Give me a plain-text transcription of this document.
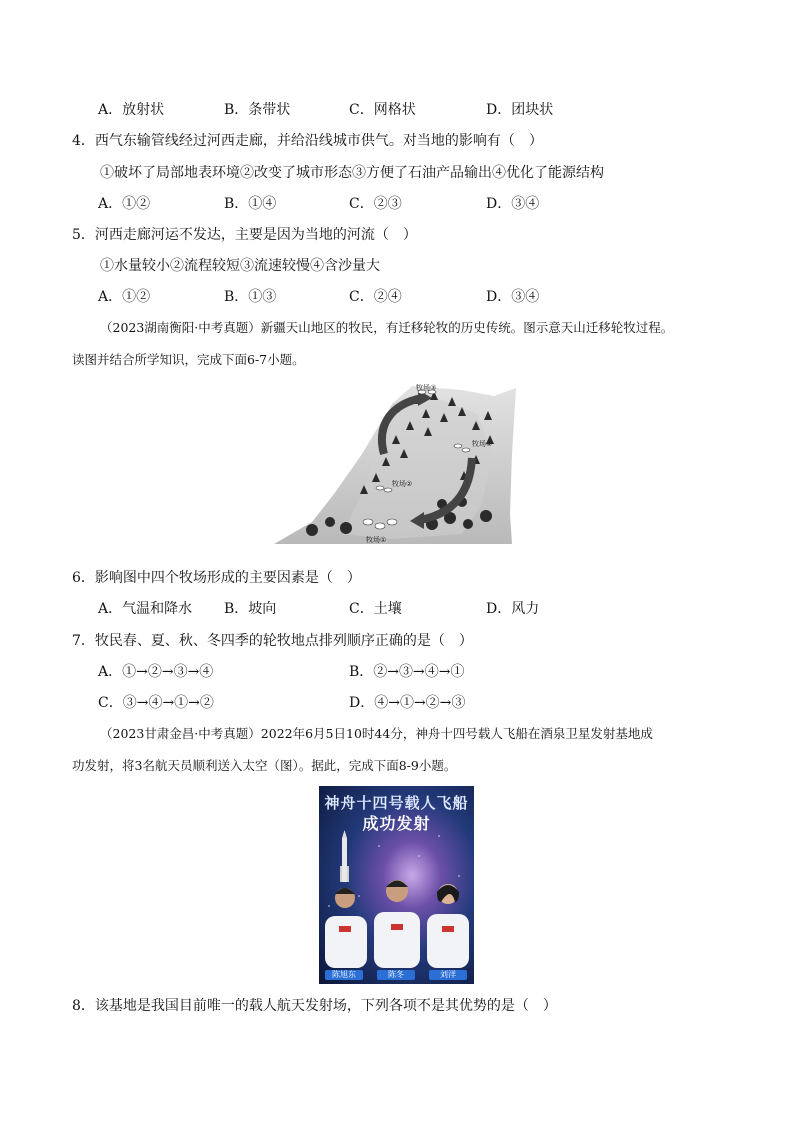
A．放射状	B．条带状	C．网格状	D．团块状
4．西气东输管线经过河西走廊，并给沿线城市供气。对当地的影响有（　）
①破坏了局部地表环境②改变了城市形态③方便了石油产品输出④优化了能源结构
A．①②	B．①④	C．②③	D．③④
5．河西走廊河运不发达，主要是因为当地的河流（　）
①水量较小②流程较短③流速较慢④含沙量大
A．①②	B．①③	C．②④	D．③④
（2023湖南衡阳·中考真题）新疆天山地区的牧民，有迁移轮牧的历史传统。图示意天山迁移轮牧过程。
读图并结合所学知识，完成下面6-7小题。
牧场③
牧场④
牧场②
牧场①
6．影响图中四个牧场形成的主要因素是（　）
A．气温和降水 B．坡向	C．土壤	D．风力
7．牧民春、夏、秋、冬四季的轮牧地点排列顺序正确的是（　）
A．①→②→③→④	B．②→③→④→①
C．③→④→①→②	D．④→①→②→③
（2023甘肃金昌·中考真题）2022年6月5日10时44分，神舟十四号载人飞船在酒泉卫星发射基地成
功发射，将3名航天员顺利送入太空（图）。据此，完成下面8-9小题。
神舟十四号载人飞船
成功发射
陈旭东	陈冬	刘洋
8．该基地是我国目前唯一的载人航天发射场，下列各项不是其优势的是（　）
